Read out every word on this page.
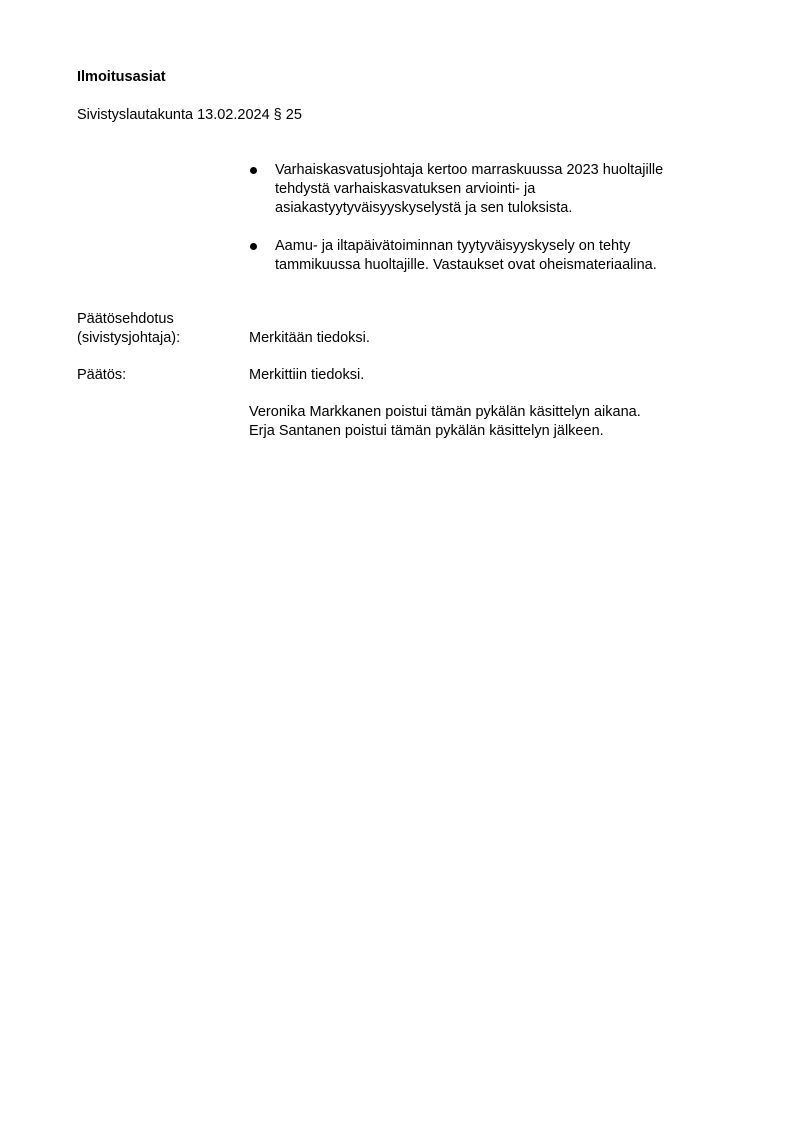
Ilmoitusasiat
Sivistyslautakunta 13.02.2024 § 25
Varhaiskasvatusjohtaja kertoo marraskuussa 2023 huoltajille
tehdystä varhaiskasvatuksen arviointi- ja
asiakastyytyväisyyskyselystä ja sen tuloksista.
Aamu- ja iltapäivätoiminnan tyytyväisyyskysely on tehty
tammikuussa huoltajille. Vastaukset ovat oheismateriaalina.
Päätösehdotus
(sivistysjohtaja):	Merkitään tiedoksi.
Päätös:	Merkittiin tiedoksi.
Veronika Markkanen poistui tämän pykälän käsittelyn aikana.
Erja Santanen poistui tämän pykälän käsittelyn jälkeen.
